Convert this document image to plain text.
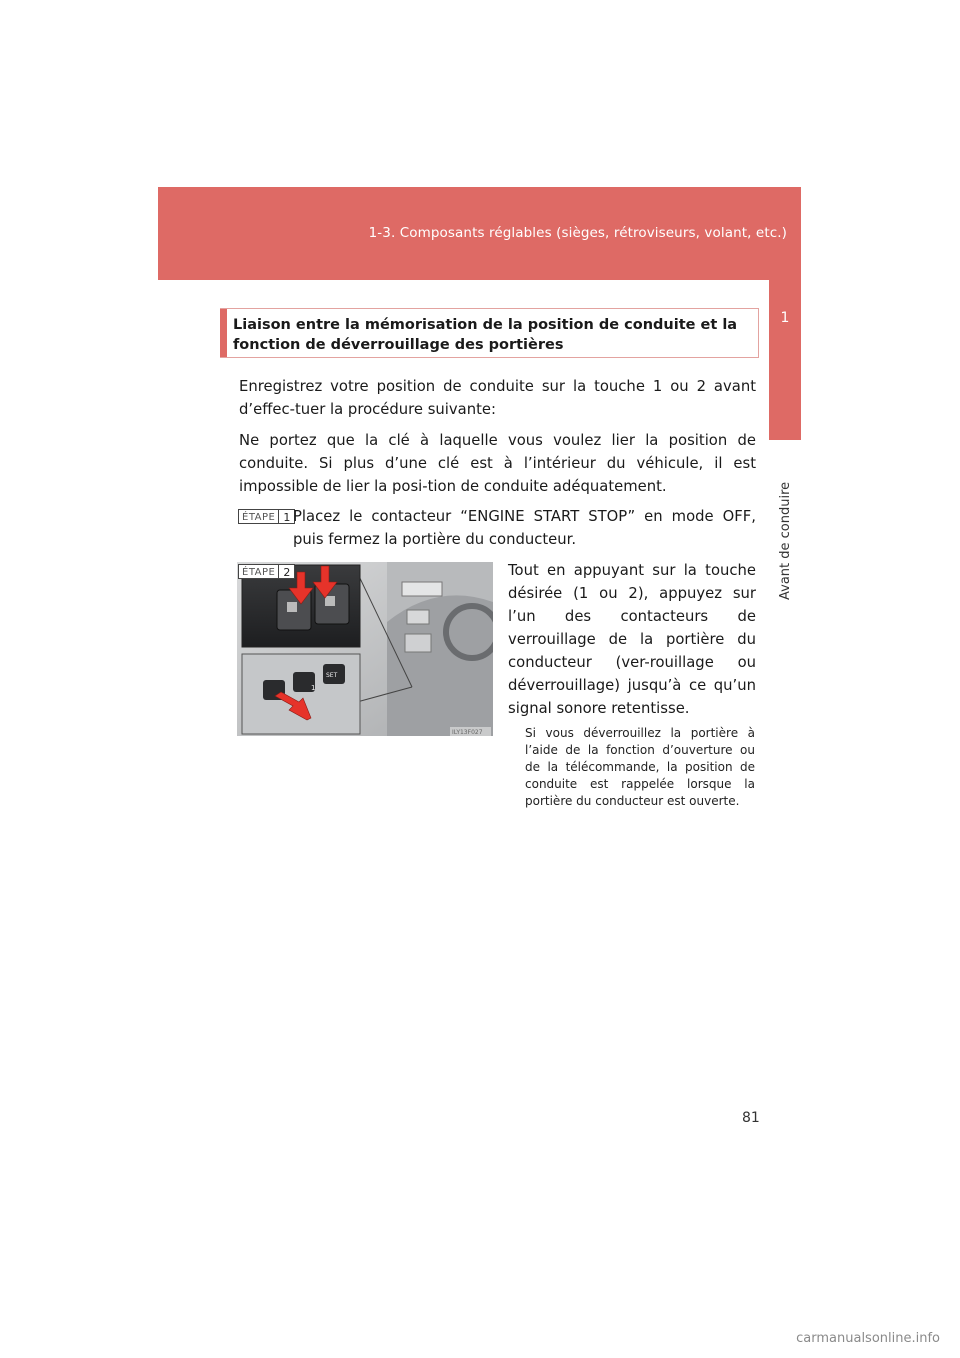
1-3. Composants réglables (sièges, rétroviseurs, volant, etc.)
1
Avant de conduire
Liaison entre la mémorisation de la position de conduite et la fonction de déverrouillage des portières

Enregistrez votre position de conduite sur la touche 1 ou 2 avant d’effec-tuer la procédure suivante:

Ne portez que la clé à laquelle vous voulez lier la position de conduite. Si plus d’une clé est à l’intérieur du véhicule, il est impossible de lier la posi-tion de conduite adéquatement.

ÉTAPE 1 Placez le contacteur “ENGINE START STOP” en mode OFF, puis fermez la portière du conducteur.

1
SET
ILY13F027
ÉTAPE 2	Tout en appuyant sur la touche désirée (1 ou 2), appuyez sur l’un des contacteurs de verrouillage de la portière du conducteur (ver-rouillage ou déverrouillage) jusqu’à ce qu’un signal sonore retentisse.

Si vous déverrouillez la portière à l’aide de la fonction d’ouverture ou de la télécommande, la position de conduite est rappelée lorsque la portière du conducteur est ouverte.

81
carmanualsonline.info
